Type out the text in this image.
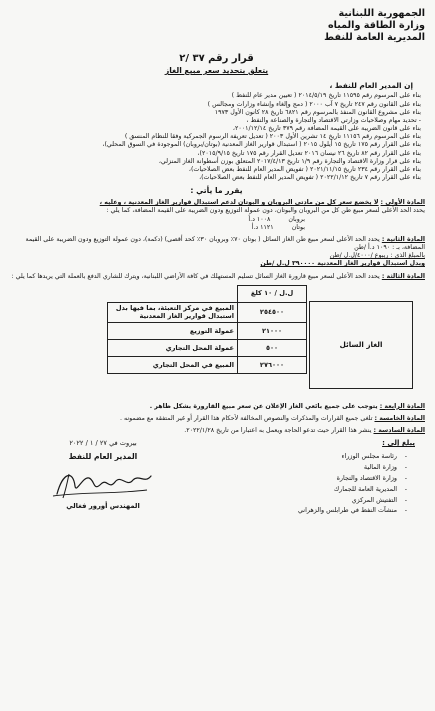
الجمهورية اللبنانية
وزارة الطاقة والمياه
المديرية العامة للنفط
قرار رقم ٣٧ /٢
يتعلق بتحديد سعر مبيع الغاز
إن المدير العام للنفط ،

بناء على المرسوم رقم ١١٥٩٥ تاريخ ٢٠١٤/٥/١٩ ( تعيين مدير عام للنفط )

بناء على القانون رقم ٢٤٧ تاريخ ٧ آب ٢٠٠٠ ( دمج وإلغاء وإنشاء وزارات ومجالس )

بناء على مشروع القانون المنفذ بالمرسوم رقم ٦٨٢١ تاريخ ٢٨ كانون الأول ١٩٧٣

- تحديد مهام وصلاحيات وزارتي الاقتصاد والتجارة والصناعة والنفط ،

بناء على قانون الضريبة على القيمة المضافة رقم ٣٧٩ تاريخ ٢٠٠١/١٢/١٤،

بناء على المرسوم رقم ١١١٥٦ تاريخ ١٤ تشرين الأول ٢٠٠٣ ( تعديل تعريفة الرسوم الجمركية وفقا للنظام المنسق )

بناء على القرار رقم ١٧٥ تاريخ ١٥ أيلول ٢٠١٥ ( استبدال قوارير الغاز المعدنية (بوتان/بروبان) الموجودة في السوق المحلي)،

بناء على القرار رقم ٨٢ تاريخ ٢٦ نيسان ٢٠١٦ تعديل القرار رقم ١٧٥ تاريخ ٢٠١٥/٩/١٥)،

بناء على قرار وزارة الاقتصاد والتجارة رقم ١/٩ تاريخ ٢٠١٧/٤/١٣ المتعلق بوزن أسطوانة الغاز المنزلي،

بناء على القرار رقم ٢٣٤ تاريخ ٢٠٢١/١١/١٥ ( تفويض المدير العام للنفط بعض الصلاحيات)،

بناء على القرار رقم ٧ تاريخ ٢٠٢٢/١/١٢ ( تفويض المدير العام للنفط بعض الصلاحيات)،

يقرر ما يأتي :

المادة الأولى : لا يخضع سعر كل من مادتي البروبان و البوتان لدعم استبدال قوارير الغاز المعدنية ، وعليه ،

يحدد الحد الأعلى لسعر مبيع طن كل من البروبان والبوتان، دون عمولة التوزيع ودون الضريبة على القيمة المضافة، كما يلي :

بروبان
١٠٠٨ د.أ
بوتان
١١٢١ د.أ

المادة الثانية : يحدد الحد الأعلى لسعر مبيع طن الغاز السائل ( بوتان ٧٠٪ وبروبان ٣٠٪ كحد أقصى) (دكمة)، دون عمولة التوزيع ودون الضريبة على القيمة المضافة، بـ : ١٠٩٠ د.أ /طن

بالمبلغ الذي : ريبوع /٤٠٠٠/ل.ل /طن

وبدل استبدال قوارير الغاز المعدنية ٣٩٠٠٠٠ ل.ل /طن

المادة الثالثة : يحدد الحد الأعلى لسعر مبيع قارورة الغاز السائل تسليم المستهلك في كافة الأراضي اللبنانية، ويترك للشاري الدفع بالعملة التي يريدها كما يلي :

ل.ل / ١٠ كلغ	
٢٥٤٥٠٠	المبيع في مركز التعبئة، بما فيها بدل استبدال قوارير الغاز المعدنية
٢١٠٠٠	عمولة التوزيع
٥٠٠	عمولة المحل التجاري
٢٧٦٠٠٠	المبيع في المحل التجاري
الغاز السائل

المادة الرابعة : يتوجب على جميع بائعي الغاز الإعلان عن سعر مبيع القارورة بشكل ظاهر .

المادة الخامسة : تلغى جميع القرارات والمذكرات والنصوص المخالفة لأحكام هذا القرار أو غير المتفقة مع مضمونه .

المادة السادسة : ينشر هذا القرار حيث تدعو الحاجة ويعمل به اعتبارا من تاريخ ٢٠٢٢/١/٢٨.

يبلغ إلى :
- رئاسة مجلس الوزراء
- وزارة المالية
- وزارة الاقتصاد والتجارة
- المديرية العامة للجمارك
- التفتيش المركزي
- منشآت النفط في طرابلس والزهراني
بيروت في ٢٧ / ١ / ٢٠٢٢
المدير العام للنفط
المهندس أورور فغالي
